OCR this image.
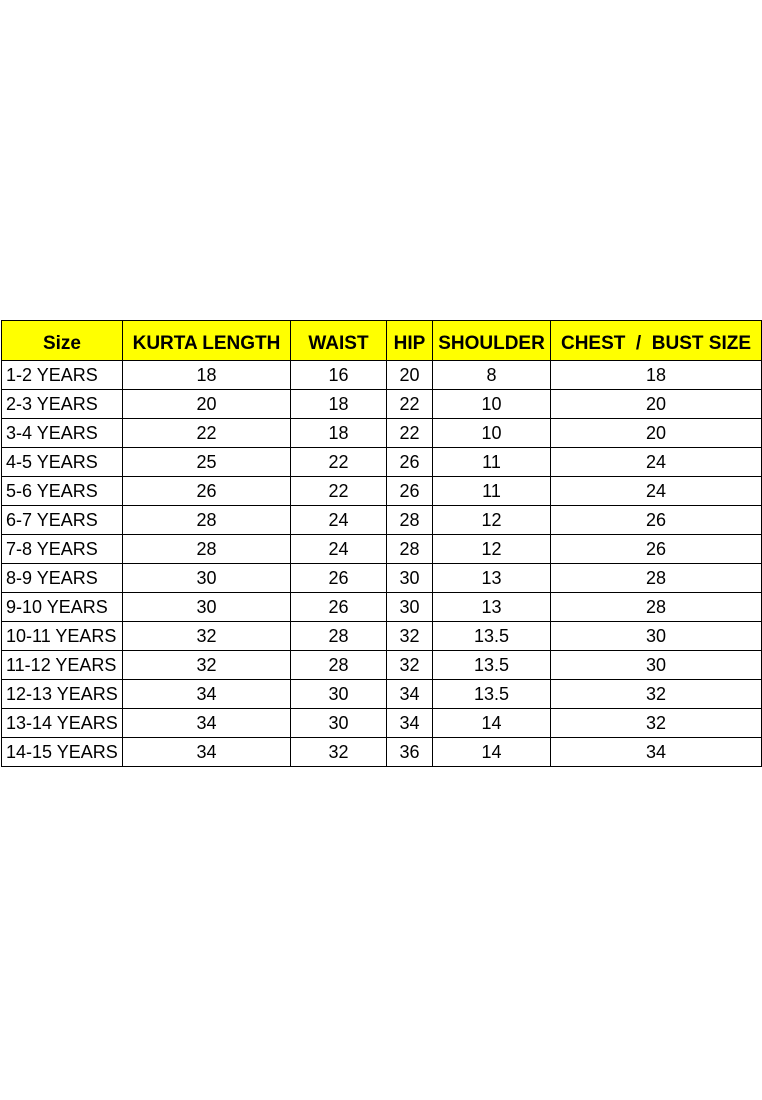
Size	KURTA LENGTH	WAIST	HIP	SHOULDER	CHEST  /  BUST SIZE
1-2 YEARS	18	16	20	8	18
2-3 YEARS	20	18	22	10	20
3-4 YEARS	22	18	22	10	20
4-5 YEARS	25	22	26	11	24
5-6 YEARS	26	22	26	11	24
6-7 YEARS	28	24	28	12	26
7-8 YEARS	28	24	28	12	26
8-9 YEARS	30	26	30	13	28
9-10 YEARS	30	26	30	13	28
10-11 YEARS	32	28	32	13.5	30
11-12 YEARS	32	28	32	13.5	30
12-13 YEARS	34	30	34	13.5	32
13-14 YEARS	34	30	34	14	32
14-15 YEARS	34	32	36	14	34
